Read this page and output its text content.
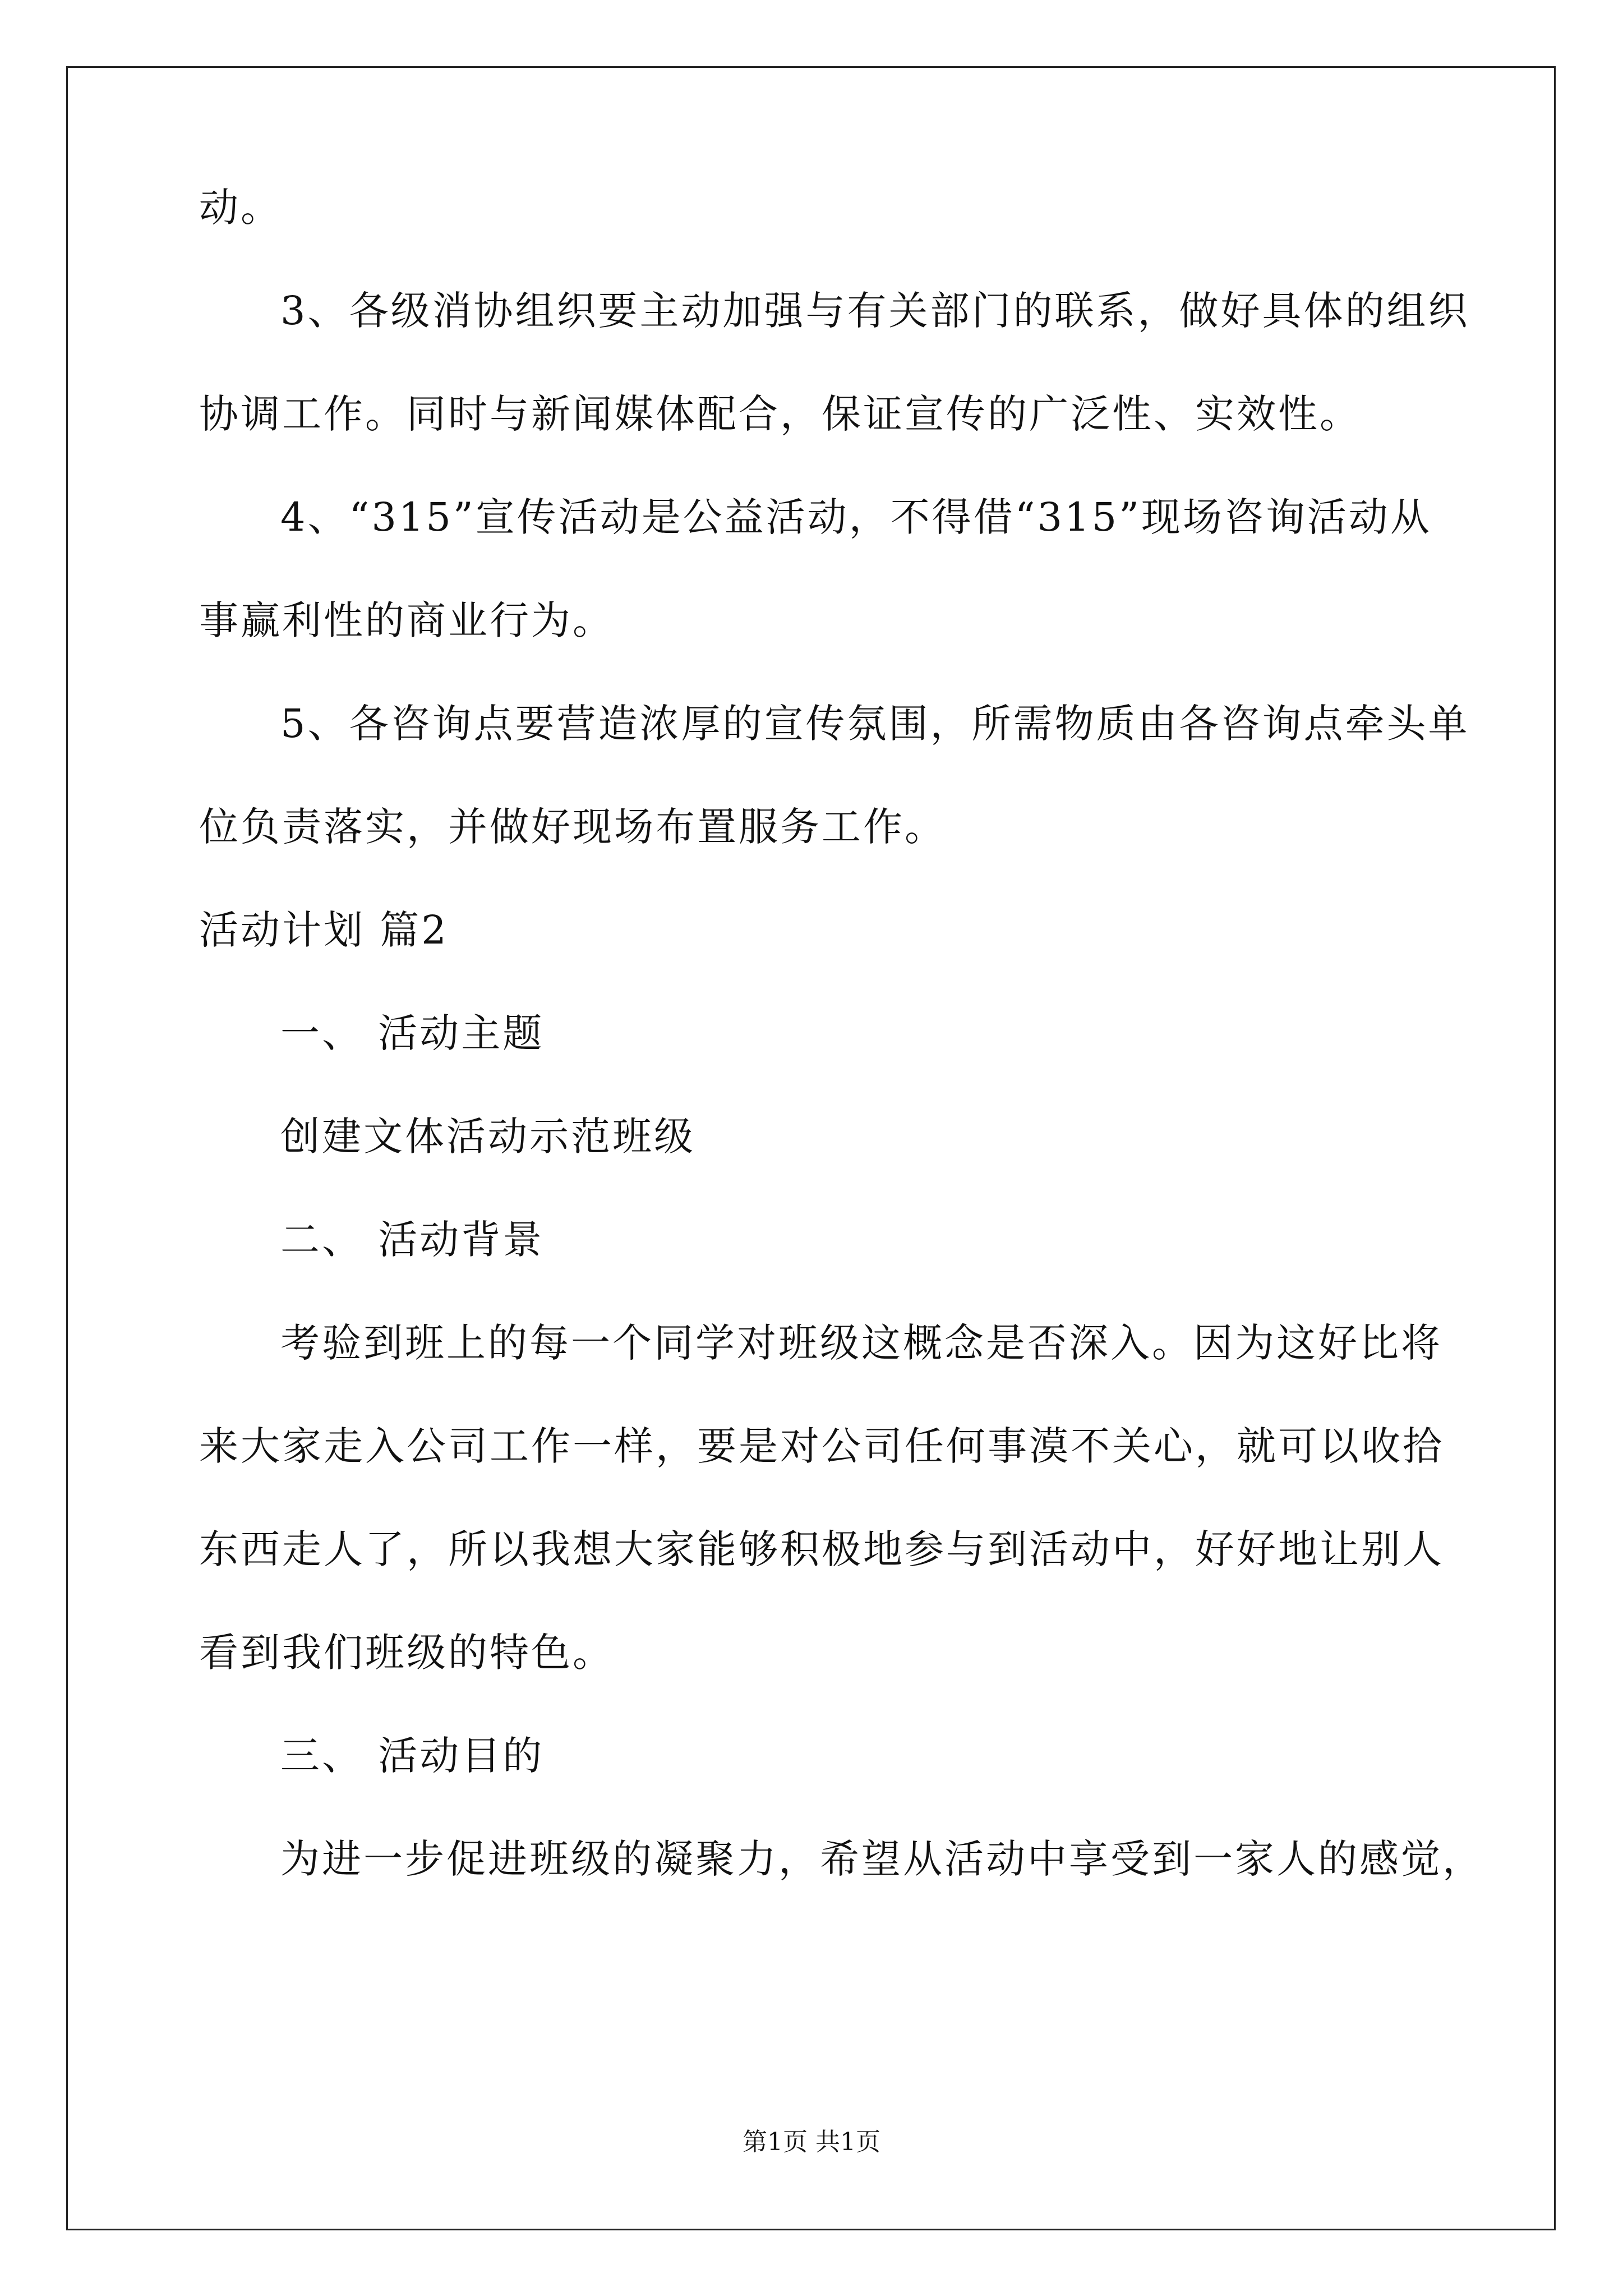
动。
3、各级消协组织要主动加强与有关部门的联系，做好具体的组织
协调工作。同时与新闻媒体配合，保证宣传的广泛性、实效性。
4、“315”宣传活动是公益活动，不得借“315”现场咨询活动从
事赢利性的商业行为。
5、各咨询点要营造浓厚的宣传氛围，所需物质由各咨询点牵头单
位负责落实，并做好现场布置服务工作。
活动计划 篇2
一、 活动主题
创建文体活动示范班级
二、 活动背景
考验到班上的每一个同学对班级这概念是否深入。因为这好比将
来大家走入公司工作一样，要是对公司任何事漠不关心，就可以收拾
东西走人了，所以我想大家能够积极地参与到活动中，好好地让别人
看到我们班级的特色。
三、 活动目的
为进一步促进班级的凝聚力，希望从活动中享受到一家人的感觉，
第1页 共1页
